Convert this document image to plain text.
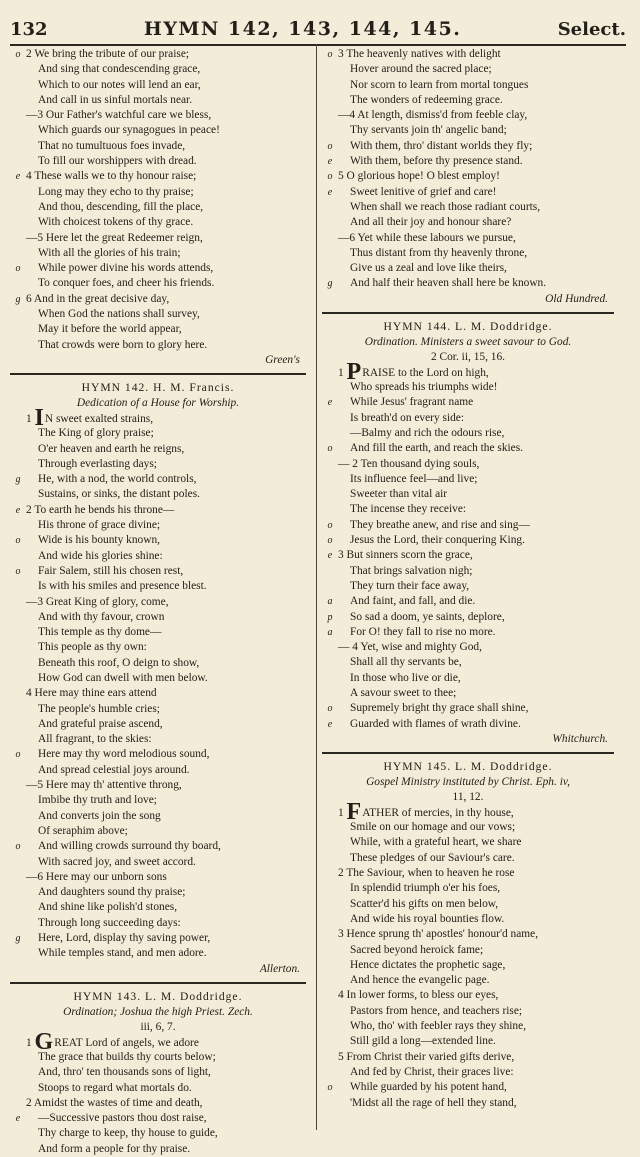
132	HYMN 142, 143, 144, 145.	Select.
o 2 We bring the tribute of our praise;
And sing that condescending grace,
Which to our notes will lend an ear,
And call in us sinful mortals near.
—3 Our Father's watchful care we bless,
Which guards our synagogues in peace!
That no tumultuous foes invade,
To fill our worshippers with dread.
e 4 These walls we to thy honour raise;
Long may they echo to thy praise;
And thou, descending, fill the place,
With choicest tokens of thy grace.
—5 Here let the great Redeemer reign,
With all the glories of his train;
o	While power divine his words attends,
To conquer foes, and cheer his friends.
g 6 And in the great decisive day,
When God the nations shall survey,
May it before the world appear,
That crowds were born to glory here.
Green's
HYMN 142. H. M. Francis.
Dedication of a House for Worship.
1 IN sweet exalted strains,
The King of glory praise;
O'er heaven and earth he reigns,
Through everlasting days;
g	He, with a nod, the world controls,
Sustains, or sinks, the distant poles.
e 2 To earth he bends his throne—
His throne of grace divine;
o	Wide is his bounty known,
And wide his glories shine:
o	Fair Salem, still his chosen rest,
Is with his smiles and presence blest.
—3 Great King of glory, come,
And with thy favour, crown
This temple as thy dome—
This people as thy own:
Beneath this roof, O deign to show,
How God can dwell with men below.
4 Here may thine ears attend
The people's humble cries;
And grateful praise ascend,
All fragrant, to the skies:
o	Here may thy word melodious sound,
And spread celestial joys around.
—5 Here may th' attentive throng,
Imbibe thy truth and love;
And converts join the song
Of seraphim above;
o	And willing crowds surround thy board,
With sacred joy, and sweet accord.
—6 Here may our unborn sons
And daughters sound thy praise;
And shine like polish'd stones,
Through long succeeding days:
g	Here, Lord, display thy saving power,
While temples stand, and men adore.
Allerton.
HYMN 143. L. M. Doddridge.
Ordination; Joshua the high Priest. Zech.
iii, 6, 7.
1 GREAT Lord of angels, we adore
The grace that builds thy courts below;
And, thro' ten thousands sons of light,
Stoops to regard what mortals do.
2 Amidst the wastes of time and death,
e	—Successive pastors thou dost raise,
Thy charge to keep, thy house to guide,
And form a people for thy praise.
o 3 The heavenly natives with delight
Hover around the sacred place;
Nor scorn to learn from mortal tongues
The wonders of redeeming grace.
—4 At length, dismiss'd from feeble clay,
Thy servants join th' angelic band;
o	With them, thro' distant worlds they fly;
e	With them, before thy presence stand.
o 5 O glorious hope! O blest employ!
e	Sweet lenitive of grief and care!
When shall we reach those radiant courts,
And all their joy and honour share?
—6 Yet while these labours we pursue,
Thus distant from thy heavenly throne,
Give us a zeal and love like theirs,
g	And half their heaven shall here be known.
Old Hundred.
HYMN 144. L. M. Doddridge.
Ordination. Ministers a sweet savour to God.
2 Cor. ii, 15, 16.
1 PRAISE to the Lord on high,
Who spreads his triumphs wide!
e	While Jesus' fragrant name
Is breath'd on every side:
—Balmy and rich the odours rise,
o	And fill the earth, and reach the skies.
— 2 Ten thousand dying souls,
Its influence feel—and live;
Sweeter than vital air
The incense they receive:
o	They breathe anew, and rise and sing—
o	Jesus the Lord, their conquering King.
e 3 But sinners scorn the grace,
That brings salvation nigh;
They turn their face away,
a	And faint, and fall, and die.
p	So sad a doom, ye saints, deplore,
a	For O! they fall to rise no more.
— 4 Yet, wise and mighty God,
Shall all thy servants be,
In those who live or die,
A savour sweet to thee;
o	Supremely bright thy grace shall shine,
e	Guarded with flames of wrath divine.
Whitchurch.
HYMN 145. L. M. Doddridge.
Gospel Ministry instituted by Christ. Eph. iv,
11, 12.
1 FATHER of mercies, in thy house,
Smile on our homage and our vows;
While, with a grateful heart, we share
These pledges of our Saviour's care.
2 The Saviour, when to heaven he rose
In splendid triumph o'er his foes,
Scatter'd his gifts on men below,
And wide his royal bounties flow.
3 Hence sprung th' apostles' honour'd name,
Sacred beyond heroick fame;
Hence dictates the prophetic sage,
And hence the evangelic page.
4 In lower forms, to bless our eyes,
Pastors from hence, and teachers rise;
Who, tho' with feebler rays they shine,
Still gild a long—extended line.
5 From Christ their varied gifts derive,
And fed by Christ, their graces live:
o	While guarded by his potent hand,
'Midst all the rage of hell they stand,
